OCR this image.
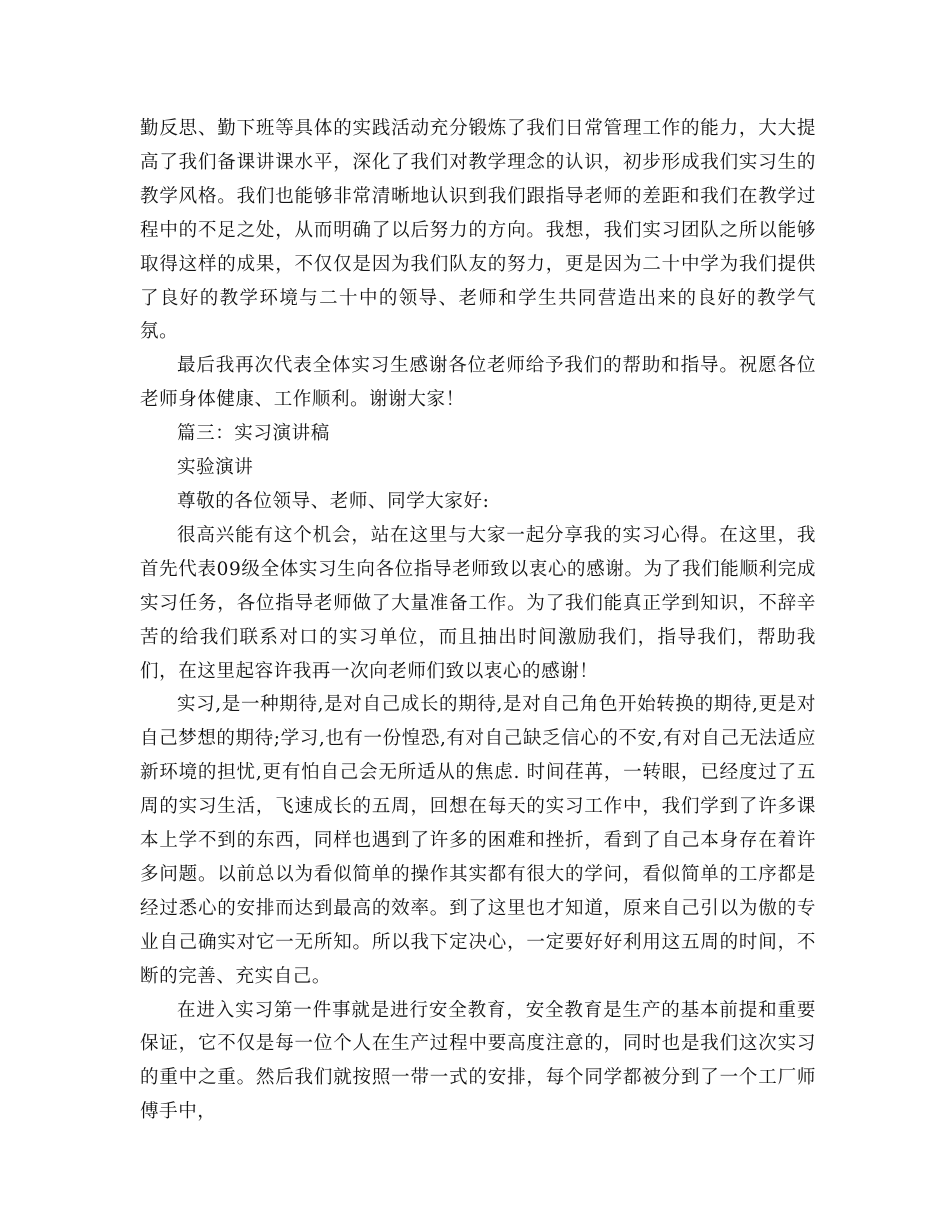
勤反思、勤下班等具体的实践活动充分锻炼了我们日常管理工作的能力，大大提高了我们备课讲课水平，深化了我们对教学理念的认识，初步形成我们实习生的教学风格。我们也能够非常清晰地认识到我们跟指导老师的差距和我们在教学过程中的不足之处，从而明确了以后努力的方向。我想，我们实习团队之所以能够取得这样的成果，不仅仅是因为我们队友的努力，更是因为二十中学为我们提供了良好的教学环境与二十中的领导、老师和学生共同营造出来的良好的教学气氛。

最后我再次代表全体实习生感谢各位老师给予我们的帮助和指导。祝愿各位老师身体健康、工作顺利。谢谢大家！

篇三：实习演讲稿

实验演讲

尊敬的各位领导、老师、同学大家好:

很高兴能有这个机会，站在这里与大家一起分享我的实习心得。在这里，我首先代表09级全体实习生向各位指导老师致以衷心的感谢。为了我们能顺利完成实习任务，各位指导老师做了大量准备工作。为了我们能真正学到知识，不辞辛苦的给我们联系对口的实习单位，而且抽出时间激励我们，指导我们，帮助我们，在这里起容许我再一次向老师们致以衷心的感谢！

实习,是一种期待,是对自己成长的期待,是对自己角色开始转换的期待,更是对自己梦想的期待;学习,也有一份惶恐,有对自己缺乏信心的不安,有对自己无法适应新环境的担忧,更有怕自己会无所适从的焦虑. 时间荏苒，一转眼，已经度过了五周的实习生活，飞速成长的五周，回想在每天的实习工作中，我们学到了许多课本上学不到的东西，同样也遇到了许多的困难和挫折，看到了自己本身存在着许多问题。以前总以为看似简单的操作其实都有很大的学问，看似简单的工序都是经过悉心的安排而达到最高的效率。到了这里也才知道，原来自己引以为傲的专业自己确实对它一无所知。所以我下定决心，一定要好好利用这五周的时间，不断的完善、充实自己。

在进入实习第一件事就是进行安全教育，安全教育是生产的基本前提和重要保证，它不仅是每一位个人在生产过程中要高度注意的，同时也是我们这次实习的重中之重。然后我们就按照一带一式的安排，每个同学都被分到了一个工厂师傅手中，
